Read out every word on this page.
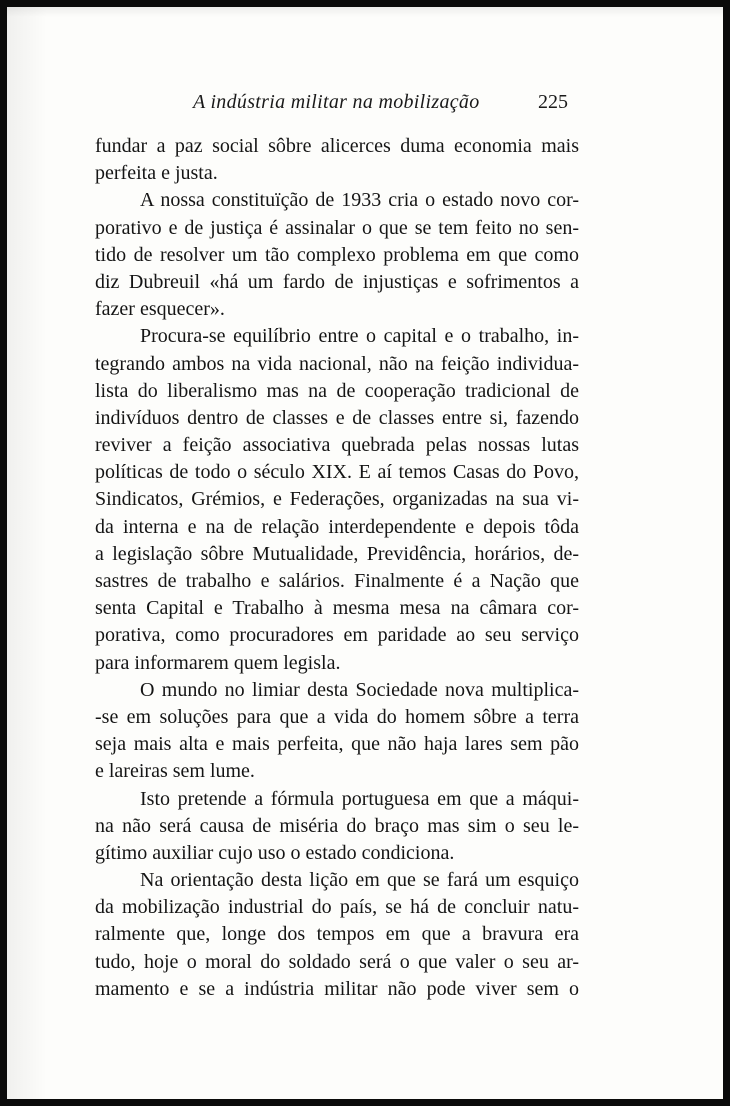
A indústria militar na mobilização	225
fundar a paz social sôbre alicerces duma economia mais
perfeita e justa.
A nossa constituïção de 1933 cria o estado novo cor-
porativo e de justiça é assinalar o que se tem feito no sen-
tido de resolver um tão complexo problema em que como
diz Dubreuil «há um fardo de injustiças e sofrimentos a
fazer esquecer».
Procura-se equilíbrio entre o capital e o trabalho, in-
tegrando ambos na vida nacional, não na feição individua-
lista do liberalismo mas na de cooperação tradicional de
indivíduos dentro de classes e de classes entre si, fazendo
reviver a feição associativa quebrada pelas nossas lutas
políticas de todo o século XIX. E aí temos Casas do Povo,
Sindicatos, Grémios, e Federações, organizadas na sua vi-
da interna e na de relação interdependente e depois tôda
a legislação sôbre Mutualidade, Previdência, horários, de-
sastres de trabalho e salários. Finalmente é a Nação que
senta Capital e Trabalho à mesma mesa na câmara cor-
porativa, como procuradores em paridade ao seu serviço
para informarem quem legisla.
O mundo no limiar desta Sociedade nova multiplica-
-se em soluções para que a vida do homem sôbre a terra
seja mais alta e mais perfeita, que não haja lares sem pão
e lareiras sem lume.
Isto pretende a fórmula portuguesa em que a máqui-
na não será causa de miséria do braço mas sim o seu le-
gítimo auxiliar cujo uso o estado condiciona.
Na orientação desta lição em que se fará um esquiço
da mobilização industrial do país, se há de concluir natu-
ralmente que, longe dos tempos em que a bravura era
tudo, hoje o moral do soldado será o que valer o seu ar-
mamento e se a indústria militar não pode viver sem o
